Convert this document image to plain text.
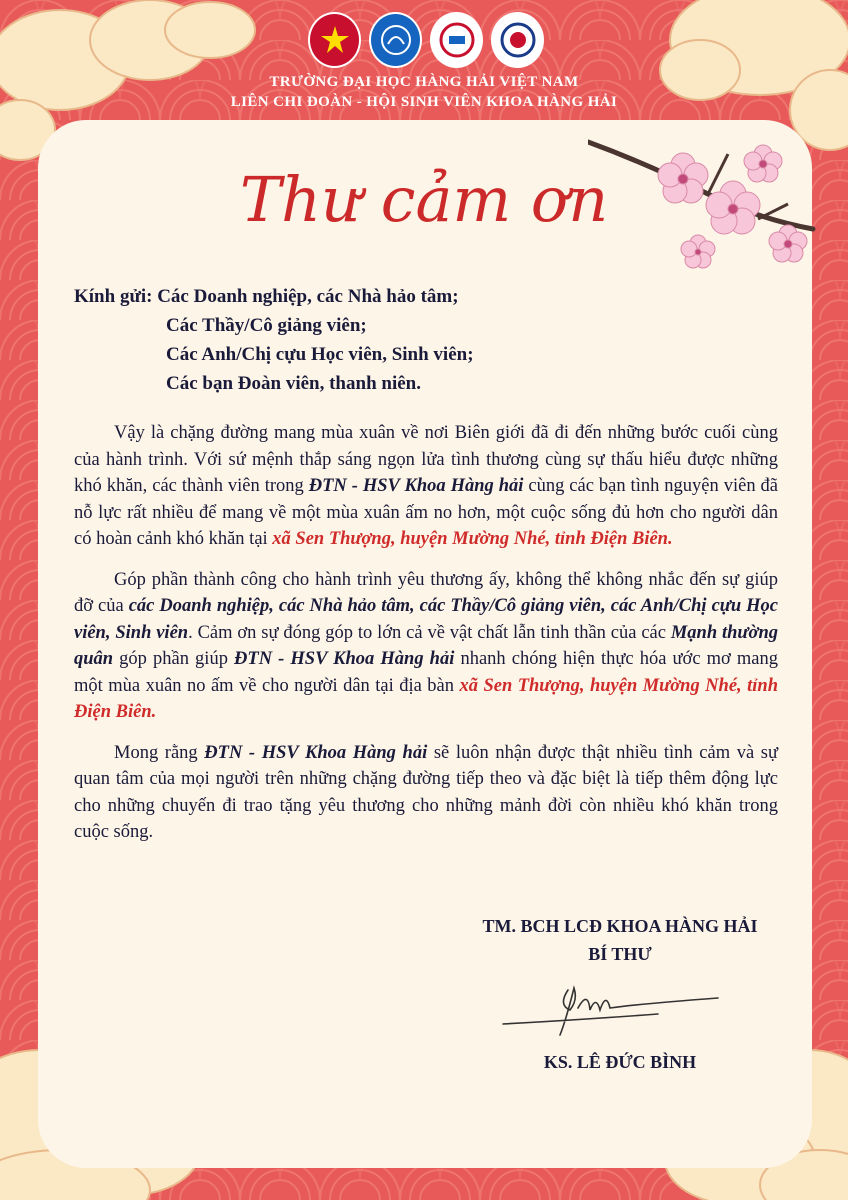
TRƯỜNG ĐẠI HỌC HÀNG HẢI VIỆT NAM
LIÊN CHI ĐOÀN - HỘI SINH VIÊN KHOA HÀNG HẢI
Thư cảm ơn
Kính gửi: Các Doanh nghiệp, các Nhà hảo tâm;
Các Thầy/Cô giảng viên;
Các Anh/Chị cựu Học viên, Sinh viên;
Các bạn Đoàn viên, thanh niên.

Vậy là chặng đường mang mùa xuân về nơi Biên giới đã đi đến những bước cuối cùng của hành trình. Với sứ mệnh thắp sáng ngọn lửa tình thương cùng sự thấu hiểu được những khó khăn, các thành viên trong ĐTN - HSV Khoa Hàng hải cùng các bạn tình nguyện viên đã nỗ lực rất nhiều để mang về một mùa xuân ấm no hơn, một cuộc sống đủ hơn cho người dân có hoàn cảnh khó khăn tại xã Sen Thượng, huyện Mường Nhé, tỉnh Điện Biên.

Góp phần thành công cho hành trình yêu thương ấy, không thể không nhắc đến sự giúp đỡ của các Doanh nghiệp, các Nhà hảo tâm, các Thầy/Cô giảng viên, các Anh/Chị cựu Học viên, Sinh viên. Cảm ơn sự đóng góp to lớn cả về vật chất lẫn tinh thần của các Mạnh thường quân góp phần giúp ĐTN - HSV Khoa Hàng hải nhanh chóng hiện thực hóa ước mơ mang một mùa xuân no ấm về cho người dân tại địa bàn xã Sen Thượng, huyện Mường Nhé, tỉnh Điện Biên.

Mong rằng ĐTN - HSV Khoa Hàng hải sẽ luôn nhận được thật nhiều tình cảm và sự quan tâm của mọi người trên những chặng đường tiếp theo và đặc biệt là tiếp thêm động lực cho những chuyến đi trao tặng yêu thương cho những mảnh đời còn nhiều khó khăn trong cuộc sống.

TM. BCH LCĐ KHOA HÀNG HẢI
BÍ THƯ
KS. LÊ ĐỨC BÌNH
